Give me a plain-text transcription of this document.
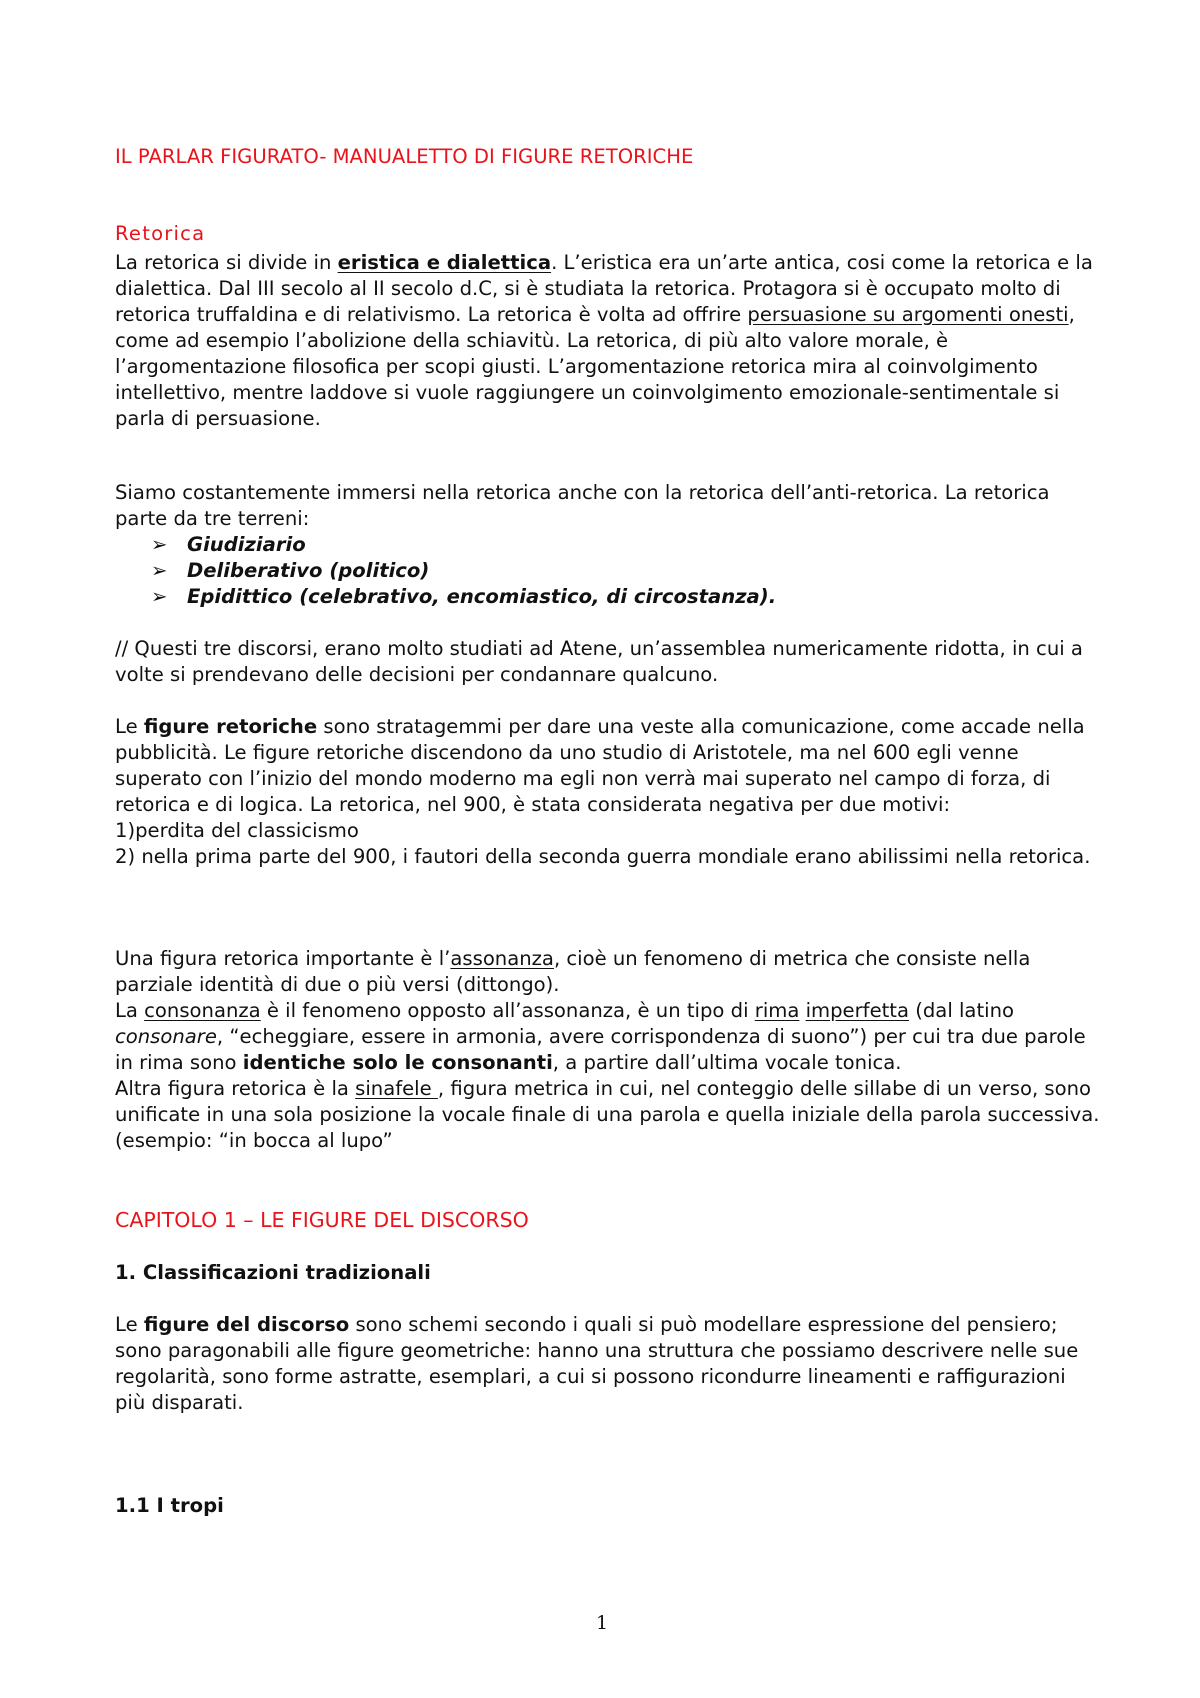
IL PARLAR FIGURATO- MANUALETTO DI FIGURE RETORICHE
Retorica

La retorica si divide in eristica e dialettica. L’eristica era un’arte antica, cosi come la retorica e la dialettica. Dal III secolo al II secolo d.C, si è studiata la retorica. Protagora si è occupato molto di retorica truffaldina e di relativismo. La retorica è volta ad offrire persuasione su argomenti onesti, come ad esempio l’abolizione della schiavitù. La retorica, di più alto valore morale, è l’argomentazione filosofica per scopi giusti. L’argomentazione retorica mira al coinvolgimento intellettivo, mentre laddove si vuole raggiungere un coinvolgimento emozionale-sentimentale si parla di persuasione.

Siamo costantemente immersi nella retorica anche con la retorica dell’anti-retorica. La retorica parte da tre terreni:

➢ Giudiziario
➢ Deliberativo (politico)
➢ Epidittico (celebrativo, encomiastico, di circostanza).

// Questi tre discorsi, erano molto studiati ad Atene, un’assemblea numericamente ridotta, in cui a volte si prendevano delle decisioni per condannare qualcuno.

Le figure retoriche sono stratagemmi per dare una veste alla comunicazione, come accade nella pubblicità. Le figure retoriche discendono da uno studio di Aristotele, ma nel 600 egli venne superato con l’inizio del mondo moderno ma egli non verrà mai superato nel campo di forza, di retorica e di logica. La retorica, nel 900, è stata considerata negativa per due motivi:
1)perdita del classicismo
2) nella prima parte del 900, i fautori della seconda guerra mondiale erano abilissimi nella retorica.

Una figura retorica importante è l’assonanza, cioè un fenomeno di metrica che consiste nella parziale identità di due o più versi (dittongo).
La consonanza è il fenomeno opposto all’assonanza, è un tipo di rima imperfetta (dal latino consonare, “echeggiare, essere in armonia, avere corrispondenza di suono”) per cui tra due parole in rima sono identiche solo le consonanti, a partire dall’ultima vocale tonica.
Altra figura retorica è la sinafele , figura metrica in cui, nel conteggio delle sillabe di un verso, sono unificate in una sola posizione la vocale finale di una parola e quella iniziale della parola successiva. (esempio: “in bocca al lupo”

CAPITOLO 1 – LE FIGURE DEL DISCORSO
1. Classificazioni tradizionali

Le figure del discorso sono schemi secondo i quali si può modellare espressione del pensiero; sono paragonabili alle figure geometriche: hanno una struttura che possiamo descrivere nelle sue regolarità, sono forme astratte, esemplari, a cui si possono ricondurre lineamenti e raffigurazioni più disparati.

1.1 I tropi
1
